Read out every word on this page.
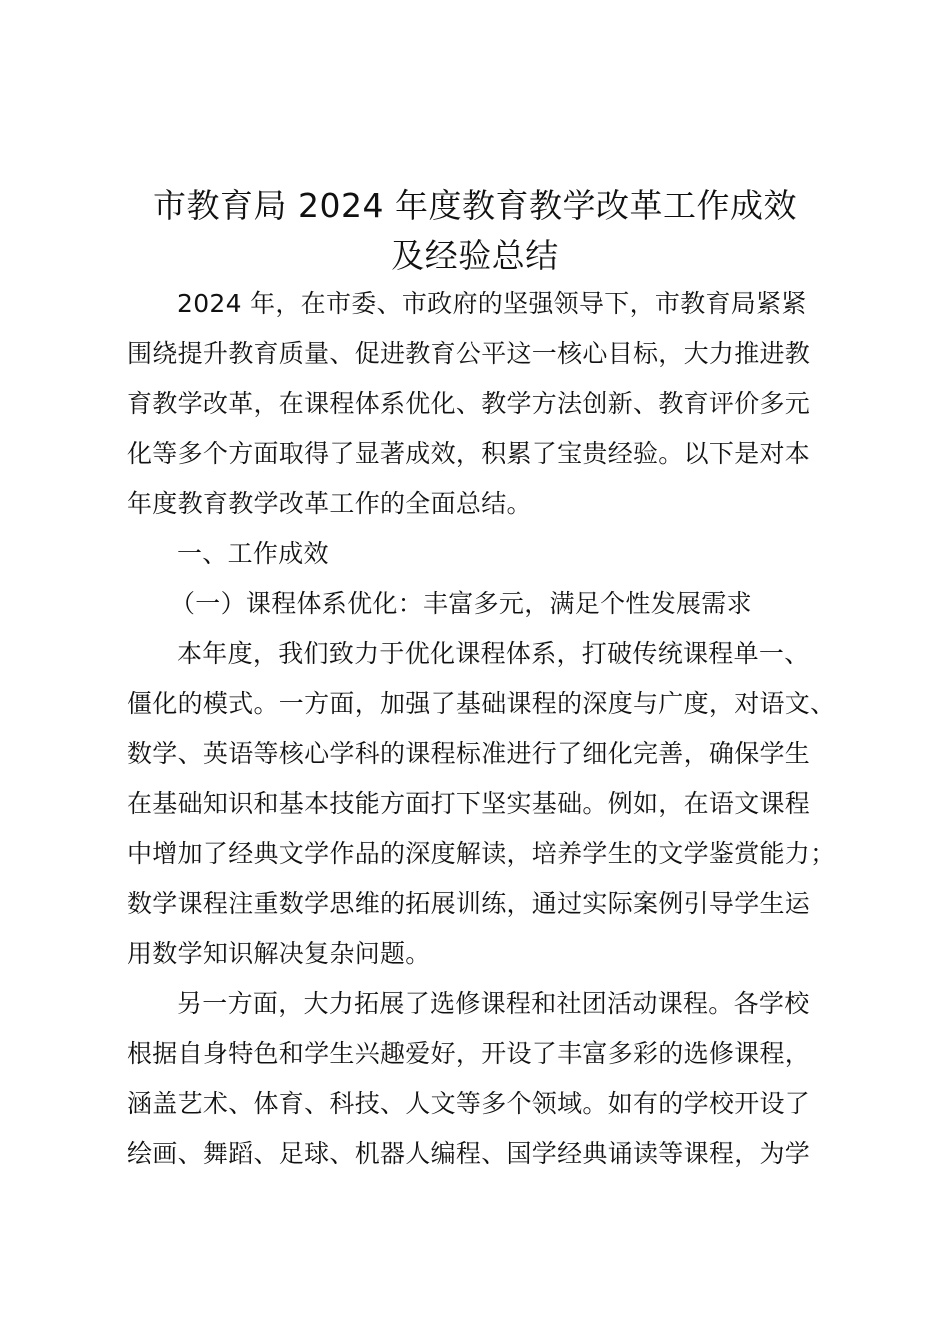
市教育局 2024 年度教育教学改革工作成效
及经验总结

2024 年，在市委、市政府的坚强领导下，市教育局紧紧

围绕提升教育质量、促进教育公平这一核心目标，大力推进教

育教学改革，在课程体系优化、教学方法创新、教育评价多元

化等多个方面取得了显著成效，积累了宝贵经验。以下是对本

年度教育教学改革工作的全面总结。

一、工作成效

（一）课程体系优化：丰富多元，满足个性发展需求

本年度，我们致力于优化课程体系，打破传统课程单一、

僵化的模式。一方面，加强了基础课程的深度与广度，对语文、

数学、英语等核心学科的课程标准进行了细化完善，确保学生

在基础知识和基本技能方面打下坚实基础。例如，在语文课程

中增加了经典文学作品的深度解读，培养学生的文学鉴赏能力；

数学课程注重数学思维的拓展训练，通过实际案例引导学生运

用数学知识解决复杂问题。

另一方面，大力拓展了选修课程和社团活动课程。各学校

根据自身特色和学生兴趣爱好，开设了丰富多彩的选修课程，

涵盖艺术、体育、科技、人文等多个领域。如有的学校开设了

绘画、舞蹈、足球、机器人编程、国学经典诵读等课程，为学
